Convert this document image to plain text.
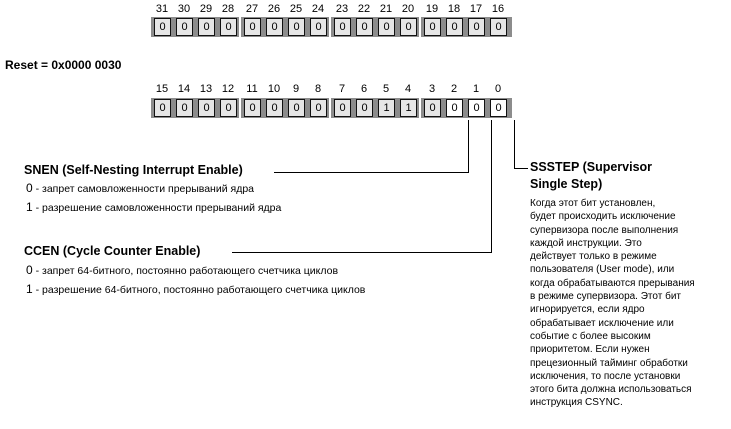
31
0
30
0
29
0
28
0
27
0
26
0
25
0
24
0
23
0
22
0
21
0
20
0
19
0
18
0
17
0
16
0
Reset = 0x0000 0030
15
0
14
0
13
0
12
0
11
0
10
0
9
0
8
0
7
0
6
0
5
1
4
1
3
0
2
0
1
0
0
0
SNEN (Self-Nesting Interrupt Enable)
0 - запрет самовложенности прерываний ядра
1 - разрешение самовложенности прерываний ядра
CCEN (Cycle Counter Enable)
0 - запрет 64-битного, постоянно работающего счетчика циклов
1 - разрешение 64-битного, постоянно работающего счетчика циклов
SSSTEP (Supervisor
Single Step)
Когда этот бит установлен,
будет происходить исключение
супервизора после выполнения
каждой инструкции. Это
действует только в режиме
пользователя (User mode), или
когда обрабатываются прерывания
в режиме супервизора. Этот бит
игнорируется, если ядро
обрабатывает исключение или
событие с более высоким
приоритетом. Если нужен
прецезионный тайминг обработки
исключения, то после установки
этого бита должна использоваться
инструкция CSYNC.
